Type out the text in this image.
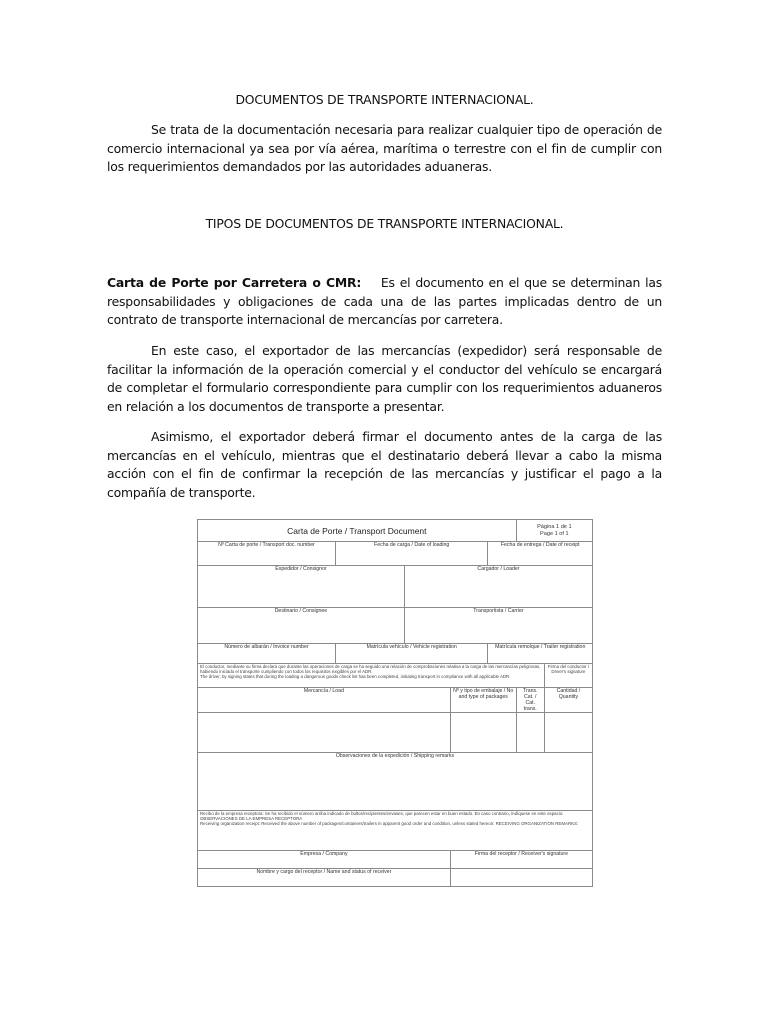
DOCUMENTOS DE TRANSPORTE INTERNACIONAL.

Se trata de la documentación necesaria para realizar cualquier tipo de operación de comercio internacional ya sea por vía aérea, marítima o terrestre con el fin de cumplir con los requerimientos demandados por las autoridades aduaneras.

TIPOS DE DOCUMENTOS DE TRANSPORTE INTERNACIONAL.

Carta de Porte por Carretera o CMR: Es el documento en el que se determinan las responsabilidades y obligaciones de cada una de las partes implicadas dentro de un contrato de transporte internacional de mercancías por carretera.

En este caso, el exportador de las mercancías (expedidor) será responsable de facilitar la información de la operación comercial y el conductor del vehículo se encargará de completar el formulario correspondiente para cumplir con los requerimientos aduaneros en relación a los documentos de transporte a presentar.

Asimismo, el exportador deberá firmar el documento antes de la carga de las mercancías en el vehículo, mientras que el destinatario deberá llevar a cabo la misma acción con el fin de confirmar la recepción de las mercancías y justificar el pago a la compañía de transporte.

Carta de Porte / Transport Document					Página 1 de 1
Page 1 of 1	

Nº Carta de porte / Transport doc. number	Fecha de carga / Date of loading			Fecha de entrega / Date of receipt		
Expedidor / Consignor		Cargador / Loader				
Destinario / Consignee		Transportista / Carrier				
Número de albarán / Invoice number	Matrícula vehículo / Vehicle registration			Matrícula remolque / Trailer registration		

El conductor, mediante su firma declara que durante las operaciones de carga se ha seguido una relación de comprobaciones relativa a la carga de las mercancías peligrosas, habiendo iniciado el transporte cumpliendo con todos los requisitos exigibles por el ADR.
The driver, by signing states that during the loading a dangerous goods check list has been completed, initiating transport in compliance with all applicable ADR.						Firma del conductor / Driver's signature
Mercancía / Load			Nº y tipo de embalaje / No and type of packages		Trans. Cat. / Cat. trans.	Cantidad / Quantity

Observaciones de la expedición / Shipping remarks						

Recibo de la empresa receptora: Se ha recibido el número arriba indicado de bultos/recipientes/envases, que parecen estar en buen estado. En caso contrario, indíquese en este espacio: OBSERVACIONES DE LA EMPRESA RECEPTORA
Receiving organization receipt: Received the above number of packages/containers/trailers in apparent good order and condition, unless stated hereon: RECEIVING ORGANIZATION REMARKS:						

Empresa / Company			Firma del receptor / Receiver's signature			
Nombre y cargo del receptor / Name and status of receiver						
